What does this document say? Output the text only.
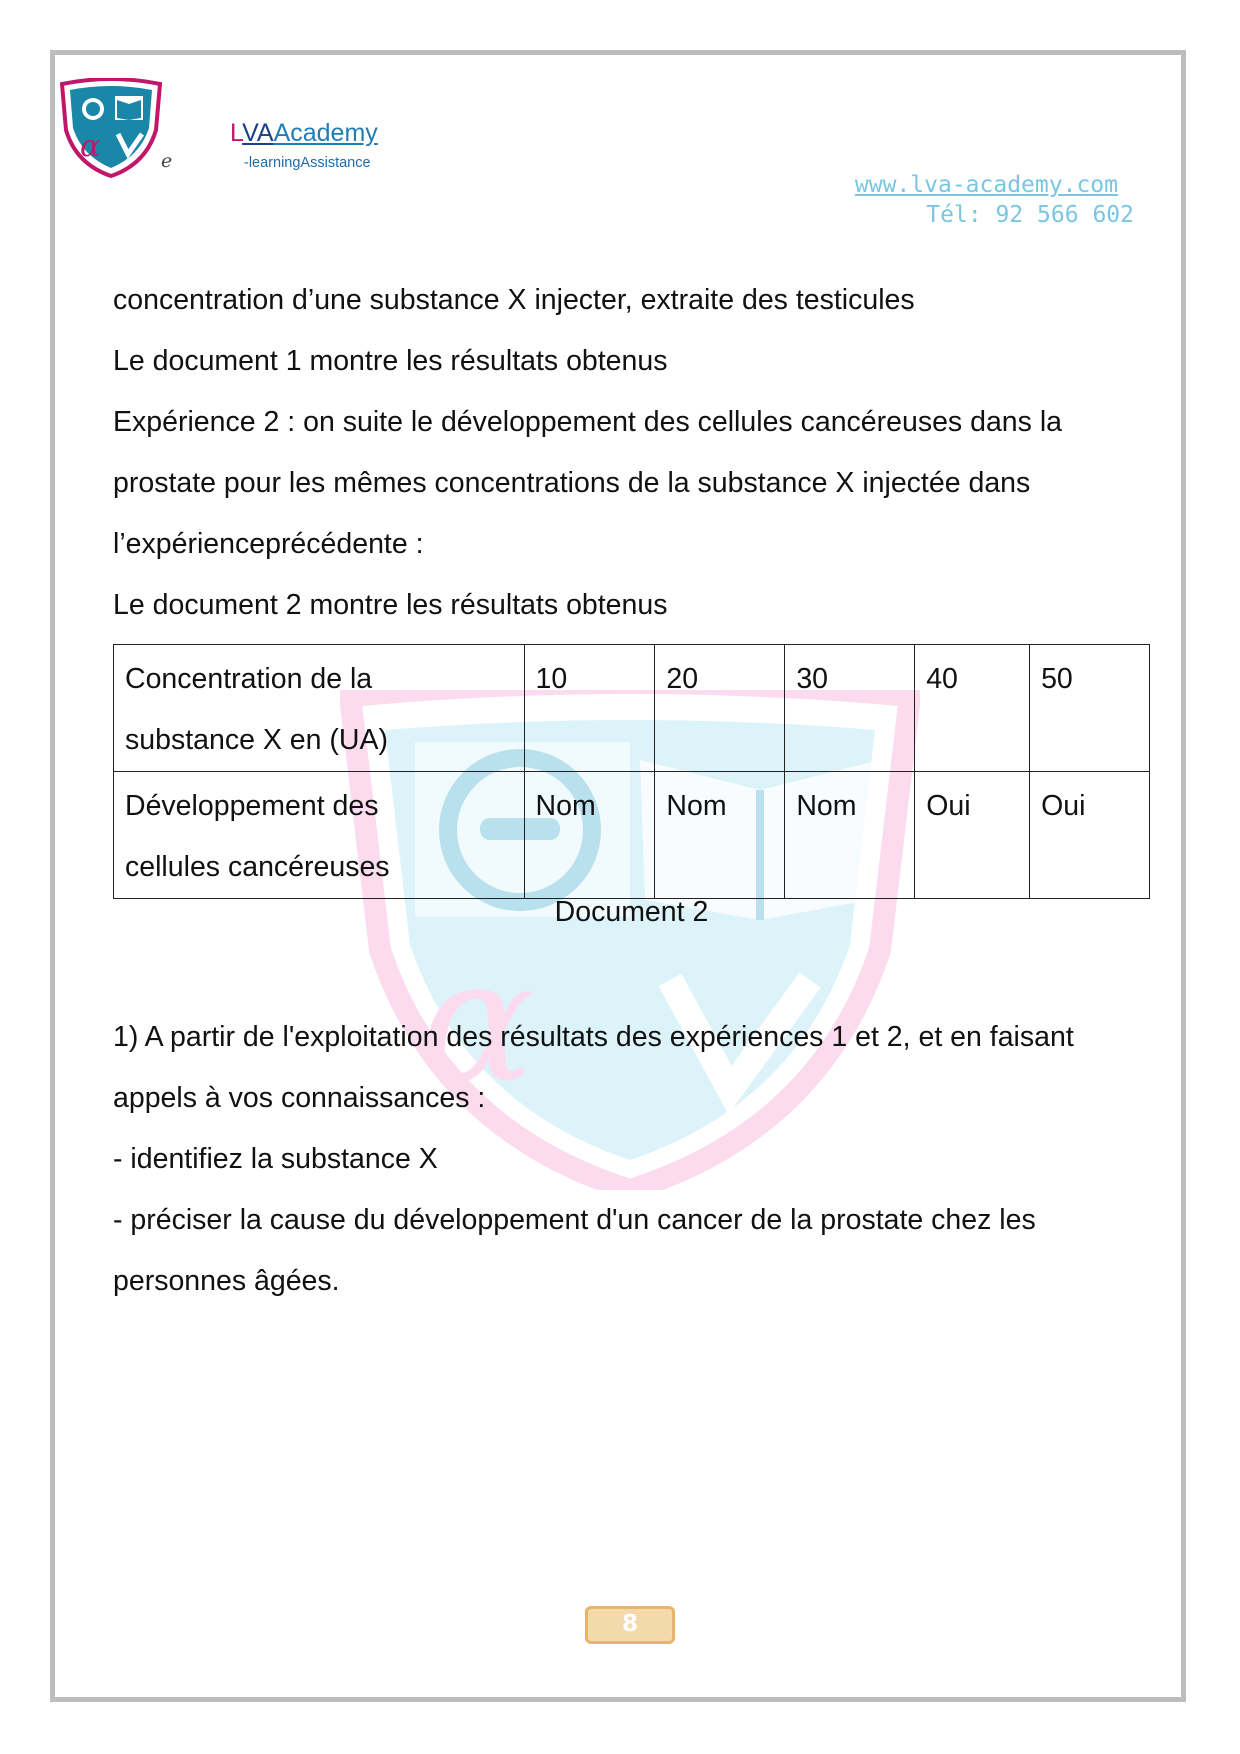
α	e
LVAAcademy
-learningAssistance
www.lva-academy.com
Tél: 92 566 602
α
concentration d’une substance X injecter, extraite des testicules
Le document 1 montre les résultats obtenus
Expérience 2 : on suite le développement des cellules cancéreuses dans la
prostate pour les mêmes concentrations de la substance X injectée dans
l’expérienceprécédente :
Le document 2 montre les résultats obtenus
Concentration de la
substance X en (UA)	10	20	30	40	50

Développement des
cellules cancéreuses	Nom	Nom	Nom	Oui	Oui
Document 2
1) A partir de l'exploitation des résultats des expériences 1 et 2, et en faisant
appels à vos connaissances :
- identifiez la substance X
- préciser la cause du développement d'un cancer de la prostate chez les
personnes âgées.
8
